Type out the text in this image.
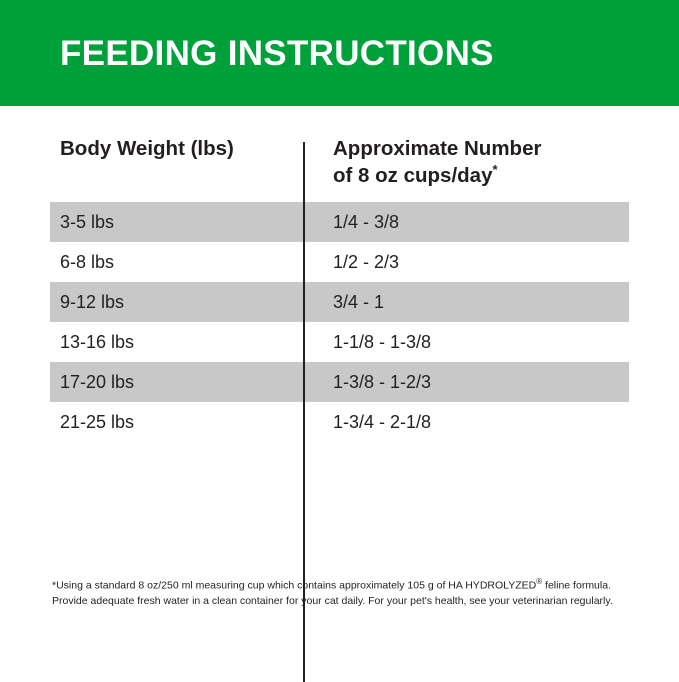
FEEDING INSTRUCTIONS
Body Weight (lbs)	Approximate Number
of 8 oz cups/day*
3-5 lbs	1/4 - 3/8
6-8 lbs	1/2 - 2/3
9-12 lbs	3/4 - 1
13-16 lbs	1-1/8 - 1-3/8
17-20 lbs	1-3/8 - 1-2/3
21-25 lbs	1-3/4 - 2-1/8
*Using a standard 8 oz/250 ml measuring cup which contains approximately 105 g of HA HYDROLYZED® feline formula.
Provide adequate fresh water in a clean container for your cat daily. For your pet's health, see your veterinarian regularly.
